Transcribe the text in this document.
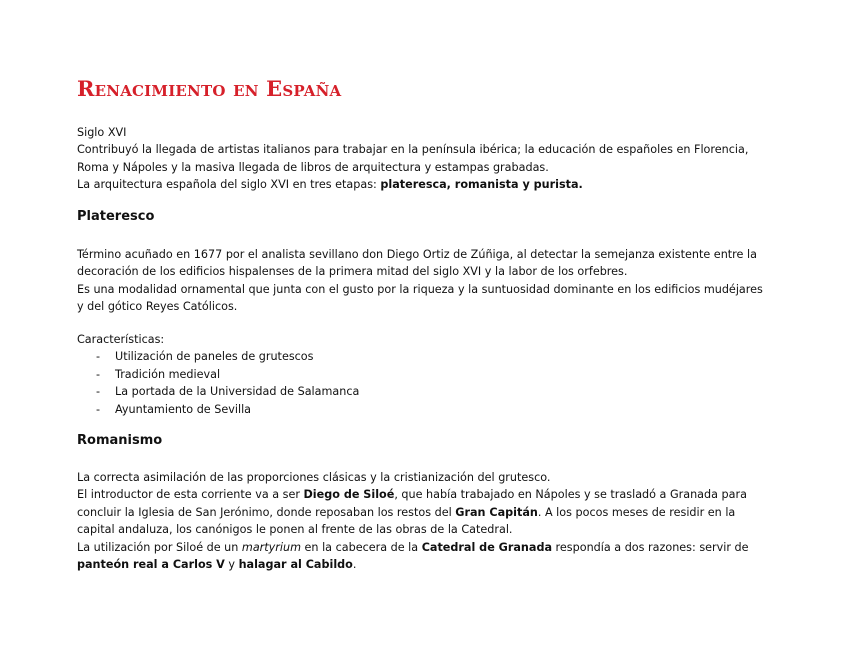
Renacimiento en España

Siglo XVI

Contribuyó la llegada de artistas italianos para trabajar en la península ibérica; la educación de españoles en Florencia, Roma y Nápoles y la masiva llegada de libros de arquitectura y estampas grabadas.

La arquitectura española del siglo XVI en tres etapas: plateresca, romanista y purista.

Plateresco

Término acuñado en 1677 por el analista sevillano don Diego Ortiz de Zúñiga, al detectar la semejanza existente entre la decoración de los edificios hispalenses de la primera mitad del siglo XVI y la labor de los orfebres.

Es una modalidad ornamental que junta con el gusto por la riqueza y la suntuosidad dominante en los edificios mudéjares y del gótico Reyes Católicos.

Características:

- Utilización de paneles de grutescos
- Tradición medieval
- La portada de la Universidad de Salamanca
- Ayuntamiento de Sevilla
Romanismo

La correcta asimilación de las proporciones clásicas y la cristianización del grutesco.

El introductor de esta corriente va a ser Diego de Siloé, que había trabajado en Nápoles y se trasladó a Granada para concluir la Iglesia de San Jerónimo, donde reposaban los restos del Gran Capitán. A los pocos meses de residir en la capital andaluza, los canónigos le ponen al frente de las obras de la Catedral.

La utilización por Siloé de un martyrium en la cabecera de la Catedral de Granada respondía a dos razones: servir de panteón real a Carlos V y halagar al Cabildo.
